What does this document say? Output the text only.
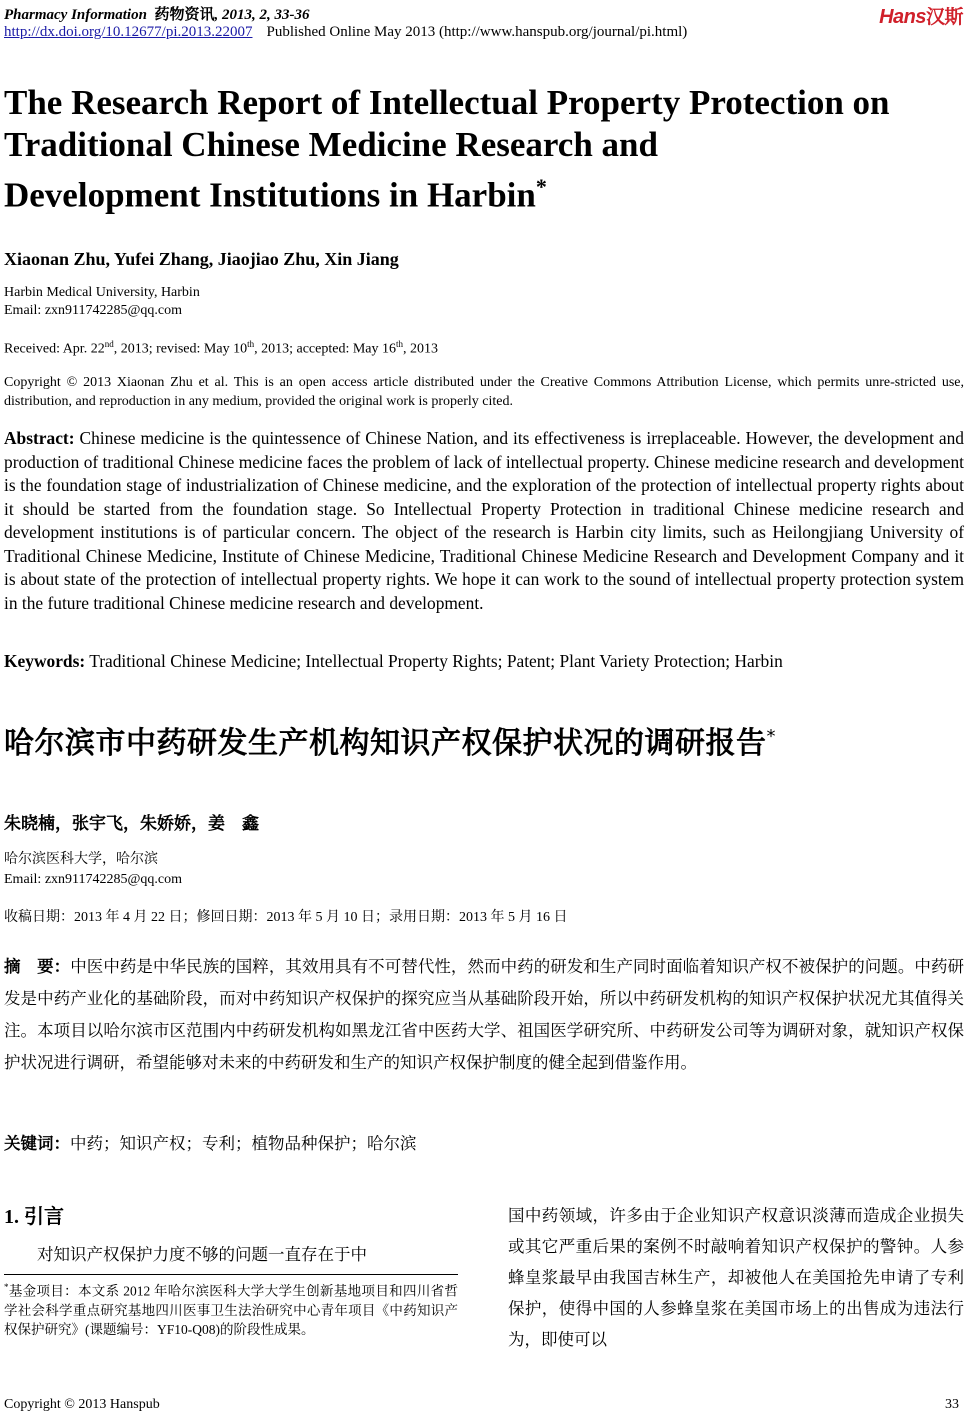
Pharmacy Information 药物资讯, 2013, 2, 33-36
http://dx.doi.org/10.12677/pi.2013.22007 Published Online May 2013 (http://www.hanspub.org/journal/pi.html)
Hans汉斯
The Research Report of Intellectual Property Protection on
Traditional Chinese Medicine Research and
Development Institutions in Harbin*
Xiaonan Zhu, Yufei Zhang, Jiaojiao Zhu, Xin Jiang
Harbin Medical University, Harbin
Email: zxn911742285@qq.com
Received: Apr. 22nd, 2013; revised: May 10th, 2013; accepted: May 16th, 2013
Copyright © 2013 Xiaonan Zhu et al. This is an open access article distributed under the Creative Commons Attribution License, which permits unre-stricted use, distribution, and reproduction in any medium, provided the original work is properly cited.
Abstract: Chinese medicine is the quintessence of Chinese Nation, and its effectiveness is irreplaceable. However, the development and production of traditional Chinese medicine faces the problem of lack of intellectual property. Chinese medicine research and development is the foundation stage of industrialization of Chinese medicine, and the exploration of the protection of intellectual property rights about it should be started from the foundation stage. So Intellectual Property Protection in traditional Chinese medicine research and development institutions is of particular concern. The object of the research is Harbin city limits, such as Heilongjiang University of Traditional Chinese Medicine, Institute of Chinese Medicine, Traditional Chinese Medicine Research and Development Company and it is about state of the protection of intellectual property rights. We hope it can work to the sound of intellectual property protection system in the future traditional Chinese medicine research and development.
Keywords: Traditional Chinese Medicine; Intellectual Property Rights; Patent; Plant Variety Protection; Harbin
哈尔滨市中药研发生产机构知识产权保护状况的调研报告*
朱晓楠，张宇飞，朱娇娇，姜　鑫
哈尔滨医科大学，哈尔滨
Email: zxn911742285@qq.com
收稿日期：2013 年 4 月 22 日；修回日期：2013 年 5 月 10 日；录用日期：2013 年 5 月 16 日
摘　要：中医中药是中华民族的国粹，其效用具有不可替代性，然而中药的研发和生产同时面临着知识产权不被保护的问题。中药研发是中药产业化的基础阶段，而对中药知识产权保护的探究应当从基础阶段开始，所以中药研发机构的知识产权保护状况尤其值得关注。本项目以哈尔滨市区范围内中药研发机构如黑龙江省中医药大学、祖国医学研究所、中药研发公司等为调研对象，就知识产权保护状况进行调研，希望能够对未来的中药研发和生产的知识产权保护制度的健全起到借鉴作用。
关键词：中药；知识产权；专利；植物品种保护；哈尔滨
1. 引言
对知识产权保护力度不够的问题一直存在于中
*基金项目：本文系 2012 年哈尔滨医科大学大学生创新基地项目和四川省哲学社会科学重点研究基地四川医事卫生法治研究中心青年项目《中药知识产权保护研究》(课题编号：YF10-Q08)的阶段性成果。
国中药领域，许多由于企业知识产权意识淡薄而造成企业损失或其它严重后果的案例不时敲响着知识产权保护的警钟。人参蜂皇浆最早由我国吉林生产，却被他人在美国抢先申请了专利保护，使得中国的人参蜂皇浆在美国市场上的出售成为违法行为，即使可以
Copyright © 2013 Hanspub	33
